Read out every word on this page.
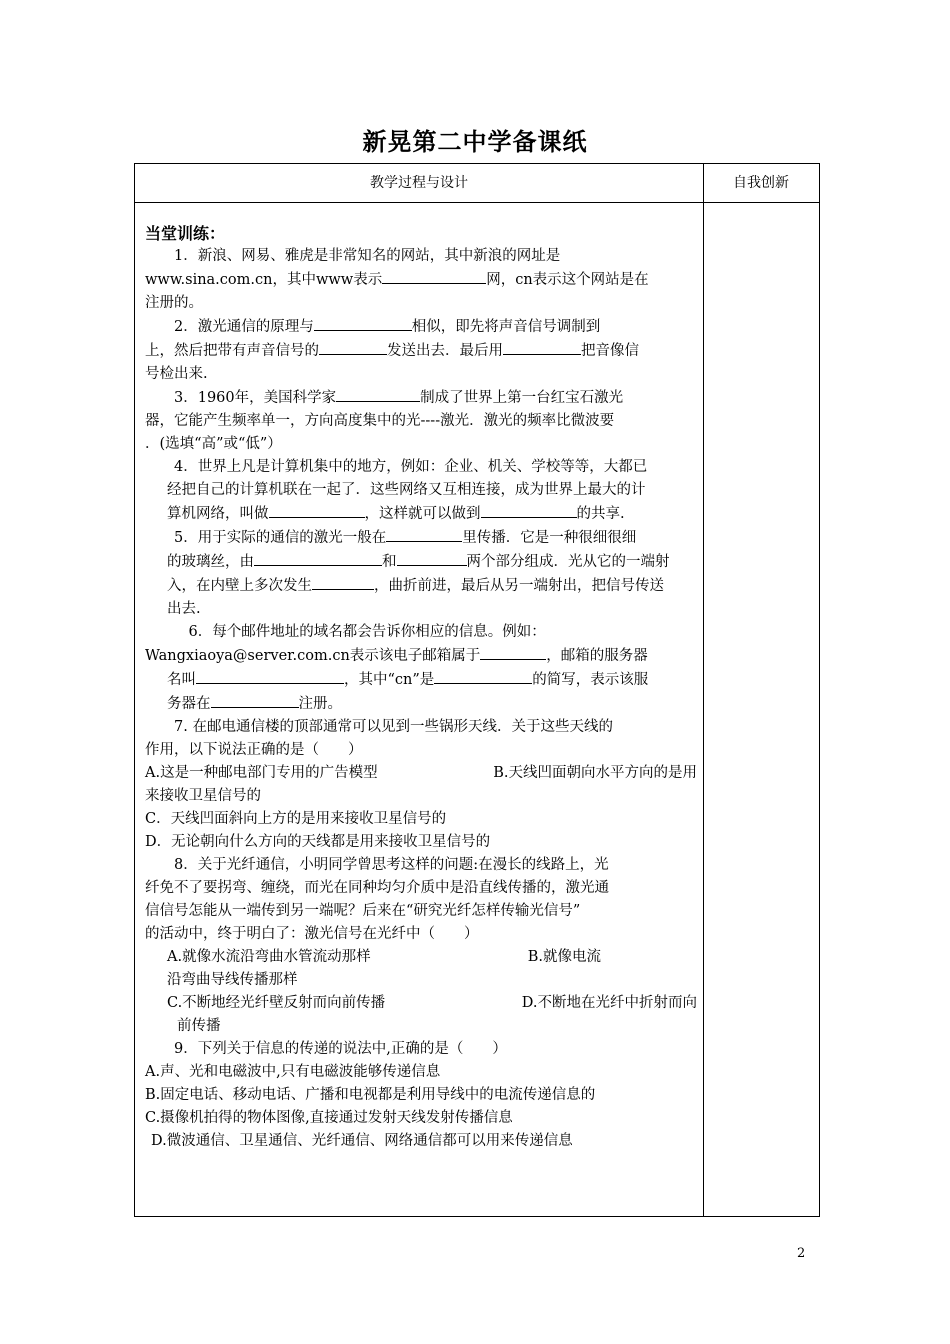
新晃第二中学备课纸
教学过程与设计	自我创新

当堂训练：

1．新浪、网易、雅虎是非常知名的网站，其中新浪的网址是

www.sina.com.cn，其中www表示	网，cn表示这个网站是在

注册的。

2．激光通信的原理与	相似，即先将声音信号调制到

上，然后把带有声音信号的	发送出去．最后用	把音像信

号检出来.

3．1960年，美国科学家	制成了世界上第一台红宝石激光

器，它能产生频率单一，方向高度集中的光----激光．激光的频率比微波要

．(选填“高”或“低”）

4．世界上凡是计算机集中的地方，例如：企业、机关、学校等等，大都已

经把自己的计算机联在一起了．这些网络又互相连接，成为世界上最大的计

算机网络，叫做	，这样就可以做到	的共享.

5．用于实际的通信的激光一般在	里传播．它是一种很细很细

的玻璃丝，由	和	两个部分组成．光从它的一端射

入，在内壁上多次发生	，曲折前进，最后从另一端射出，把信号传送

出去.

6．每个邮件地址的域名都会告诉你相应的信息。例如：

Wangxiaoya@server.com.cn表示该电子邮箱属于	，邮箱的服务器

名叫	，其中“cn”是	的简写，表示该服

务器在	注册。

7. 在邮电通信楼的顶部通常可以见到一些锅形天线．关于这些天线的

作用，以下说法正确的是（　　）

A.这是一种邮电部门专用的广告模型	B.天线凹面朝向水平方向的是用

来接收卫星信号的

C．天线凹面斜向上方的是用来接收卫星信号的

D．无论朝向什么方向的天线都是用来接收卫星信号的

8．关于光纤通信，小明同学曾思考这样的问题:在漫长的线路上，光

纤免不了要拐弯、缠绕，而光在同种均匀介质中是沿直线传播的，激光通

信信号怎能从一端传到另一端呢？后来在“研究光纤怎样传输光信号”

的活动中，终于明白了：激光信号在光纤中（　　）

A.就像水流沿弯曲水管流动那样	B.就像电流

沿弯曲导线传播那样

C.不断地经光纤壁反射而向前传播	D.不断地在光纤中折射而向

前传播

9．下列关于信息的传递的说法中,正确的是（　　）

A.声、光和电磁波中,只有电磁波能够传递信息

B.固定电话、移动电话、广播和电视都是利用导线中的电流传递信息的

C.摄像机拍得的物体图像,直接通过发射天线发射传播信息

D.微波通信、卫星通信、光纤通信、网络通信都可以用来传递信息

2
